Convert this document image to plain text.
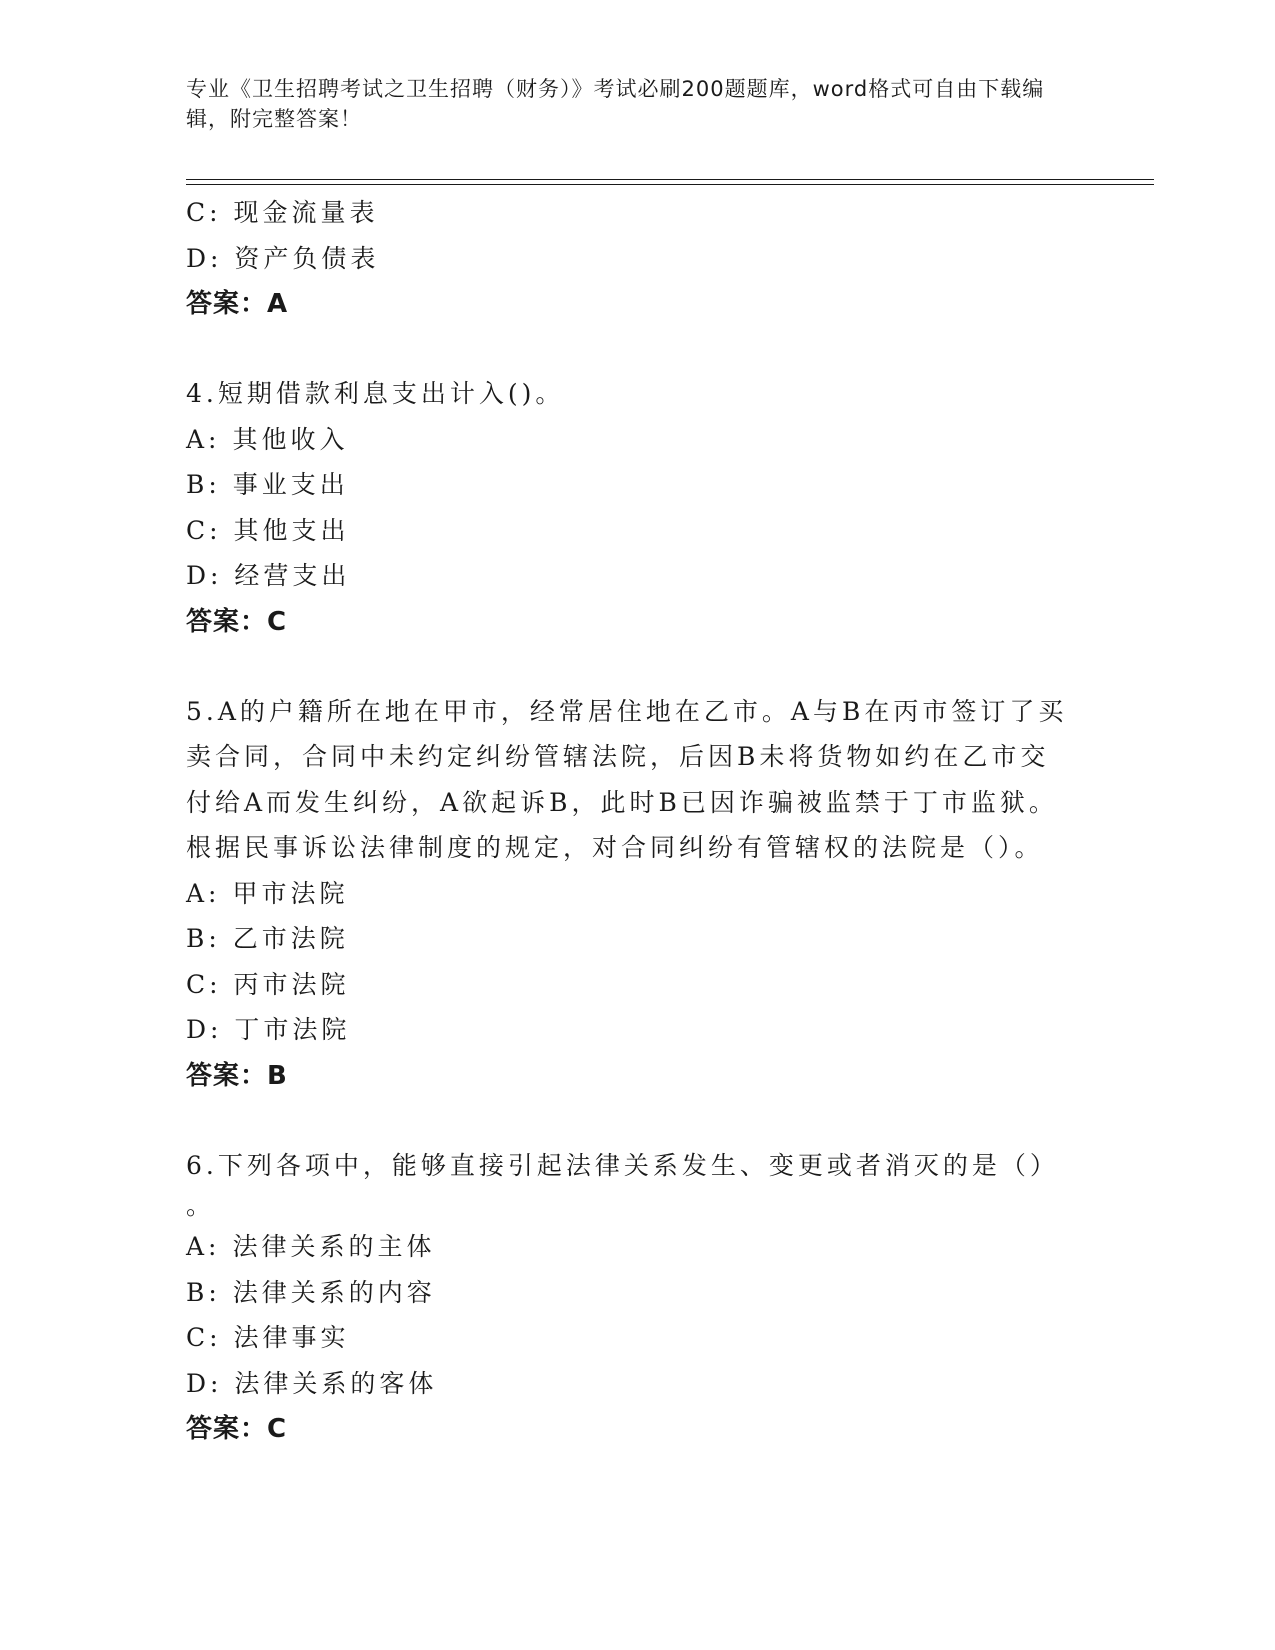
专业《卫生招聘考试之卫生招聘（财务）》考试必刷200题题库，word格式可自由下载编辑，附完整答案！
C: 现金流量表
D: 资产负债表
答案：A
4.短期借款利息支出计入()。
A: 其他收入
B: 事业支出
C: 其他支出
D: 经营支出
答案：C
5.A的户籍所在地在甲市，经常居住地在乙市。A与B在丙市签订了买
卖合同，合同中未约定纠纷管辖法院，后因B未将货物如约在乙市交
付给A而发生纠纷，A欲起诉B，此时B已因诈骗被监禁于丁市监狱。
根据民事诉讼法律制度的规定，对合同纠纷有管辖权的法院是（）。
A: 甲市法院
B: 乙市法院
C: 丙市法院
D: 丁市法院
答案：B
6.下列各项中，能够直接引起法律关系发生、变更或者消灭的是（）
。
A: 法律关系的主体
B: 法律关系的内容
C: 法律事实
D: 法律关系的客体
答案：C
